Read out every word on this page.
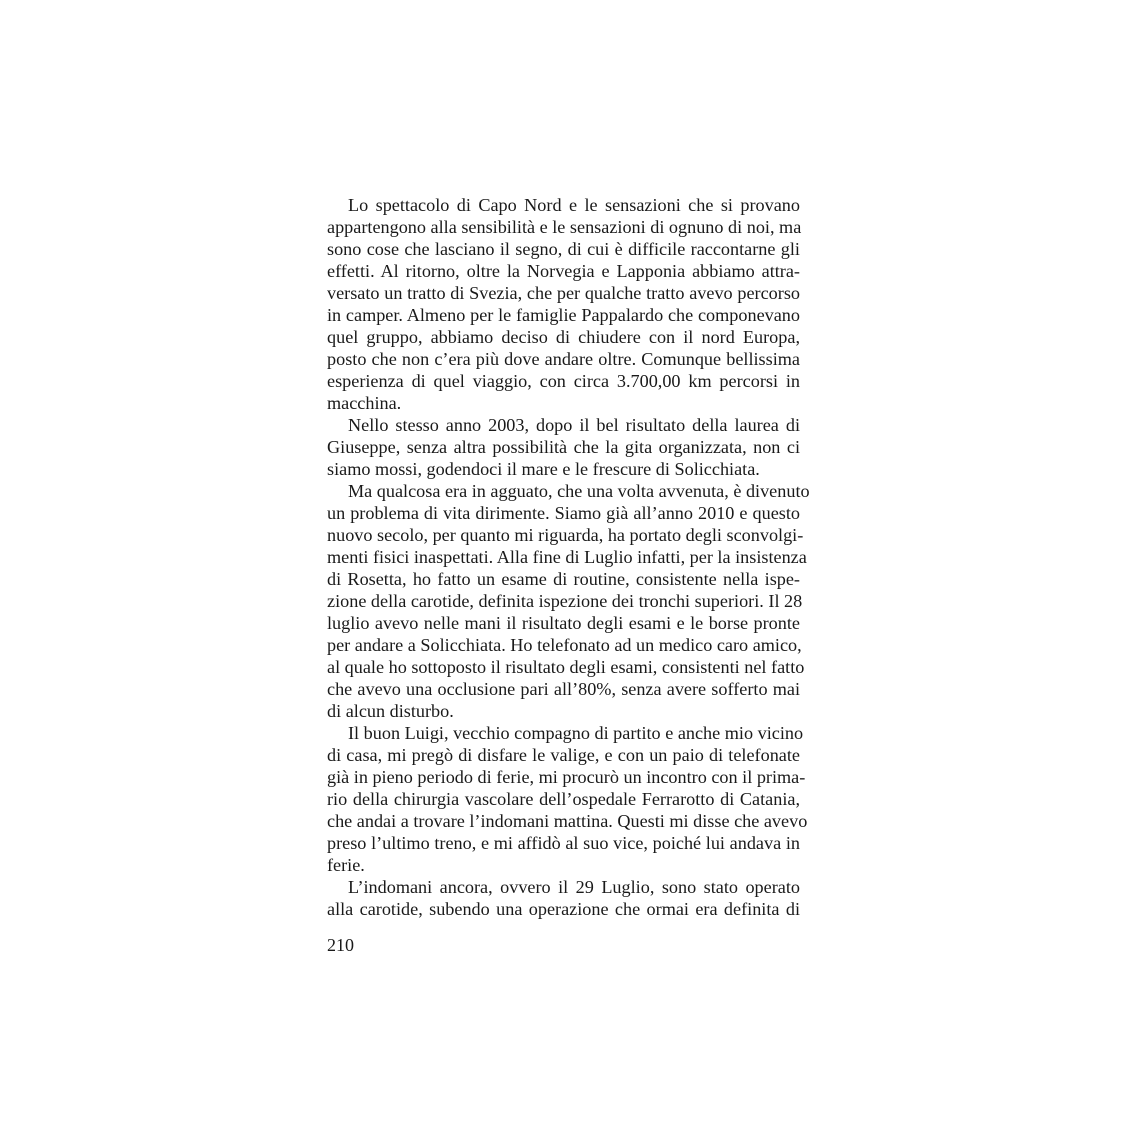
Lo spettacolo di Capo Nord e le sensazioni che si provano
appartengono alla sensibilità e le sensazioni di ognuno di noi, ma
sono cose che lasciano il segno, di cui è difficile raccontarne gli
effetti. Al ritorno, oltre la Norvegia e Lapponia abbiamo attra-
versato un tratto di Svezia, che per qualche tratto avevo percorso
in camper. Almeno per le famiglie Pappalardo che componevano
quel gruppo, abbiamo deciso di chiudere con il nord Europa,
posto che non c’era più dove andare oltre. Comunque bellissima
esperienza di quel viaggio, con circa 3.700,00 km percorsi in
macchina.
Nello stesso anno 2003, dopo il bel risultato della laurea di
Giuseppe, senza altra possibilità che la gita organizzata, non ci
siamo mossi, godendoci il mare e le frescure di Solicchiata.
Ma qualcosa era in agguato, che una volta avvenuta, è divenuto
un problema di vita dirimente. Siamo già all’anno 2010 e questo
nuovo secolo, per quanto mi riguarda, ha portato degli sconvolgi-
menti fisici inaspettati. Alla fine di Luglio infatti, per la insistenza
di Rosetta, ho fatto un esame di routine, consistente nella ispe-
zione della carotide, definita ispezione dei tronchi superiori. Il 28
luglio avevo nelle mani il risultato degli esami e le borse pronte
per andare a Solicchiata. Ho telefonato ad un medico caro amico,
al quale ho sottoposto il risultato degli esami, consistenti nel fatto
che avevo una occlusione pari all’80%, senza avere sofferto mai
di alcun disturbo.
Il buon Luigi, vecchio compagno di partito e anche mio vicino
di casa, mi pregò di disfare le valige, e con un paio di telefonate
già in pieno periodo di ferie, mi procurò un incontro con il prima-
rio della chirurgia vascolare dell’ospedale Ferrarotto di Catania,
che andai a trovare l’indomani mattina. Questi mi disse che avevo
preso l’ultimo treno, e mi affidò al suo vice, poiché lui andava in
ferie.
L’indomani ancora, ovvero il 29 Luglio, sono stato operato
alla carotide, subendo una operazione che ormai era definita di
210
